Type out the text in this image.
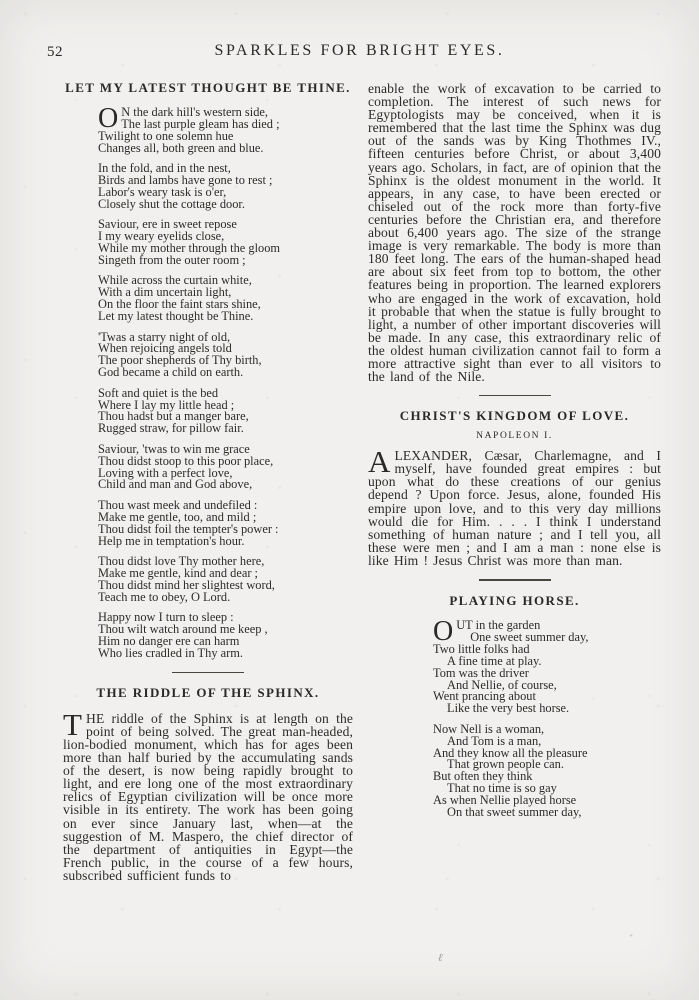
52	SPARKLES FOR BRIGHT EYES.
LET MY LATEST THOUGHT BE THINE.
O N the dark hill's western side,
The last purple gleam has died ;
Twilight to one solemn hue
Changes all, both green and blue.
In the fold, and in the nest,
Birds and lambs have gone to rest ;
Labor's weary task is o'er,
Closely shut the cottage door.
Saviour, ere in sweet repose
I my weary eyelids close,
While my mother through the gloom
Singeth from the outer room ;
While across the curtain white,
With a dim uncertain light,
On the floor the faint stars shine,
Let my latest thought be Thine.
'Twas a starry night of old,
When rejoicing angels told
The poor shepherds of Thy birth,
God became a child on earth.
Soft and quiet is the bed
Where I lay my little head ;
Thou hadst but a manger bare,
Rugged straw, for pillow fair.
Saviour, 'twas to win me grace
Thou didst stoop to this poor place,
Loving with a perfect love,
Child and man and God above,
Thou wast meek and undefiled :
Make me gentle, too, and mild ;
Thou didst foil the tempter's power :
Help me in temptation's hour.
Thou didst love Thy mother here,
Make me gentle, kind and dear ;
Thou didst mind her slightest word,
Teach me to obey, O Lord.
Happy now I turn to sleep :
Thou wilt watch around me keep ,
Him no danger ere can harm
Who lies cradled in Thy arm.
THE RIDDLE OF THE SPHINX.

THE riddle of the Sphinx is at length on the point of being solved. The great man-headed, lion-bodied monument, which has for ages been more than half buried by the accumulating sands of the desert, is now being rapidly brought to light, and ere long one of the most extraordinary relics of Egyptian civilization will be once more visible in its entirety. The work has been going on ever since January last, when—at the suggestion of M. Maspero, the chief director of the department of antiquities in Egypt—the French public, in the course of a few hours, subscribed sufficient funds to

enable the work of excavation to be carried to completion. The interest of such news for Egyptologists may be conceived, when it is remembered that the last time the Sphinx was dug out of the sands was by King Thothmes IV., fifteen centuries before Christ, or about 3,400 years ago. Scholars, in fact, are of opinion that the Sphinx is the oldest monument in the world. It appears, in any case, to have been erected or chiseled out of the rock more than forty-five centuries before the Christian era, and therefore about 6,400 years ago. The size of the strange image is very remarkable. The body is more than 180 feet long. The ears of the human-shaped head are about six feet from top to bottom, the other features being in proportion. The learned explorers who are engaged in the work of excavation, hold it probable that when the statue is fully brought to light, a number of other important discoveries will be made. In any case, this extraordinary relic of the oldest human civilization cannot fail to form a more attractive sight than ever to all visitors to the land of the Nile.

CHRIST'S KINGDOM OF LOVE.
NAPOLEON I.

ALEXANDER, Cæsar, Charlemagne, and I myself, have founded great empires : but upon what do these creations of our genius depend ? Upon force. Jesus, alone, founded His empire upon love, and to this very day millions would die for Him. . . . I think I understand something of human nature ; and I tell you, all these were men ; and I am a man : none else is like Him ! Jesus Christ was more than man.

PLAYING HORSE.
O UT in the garden
One sweet summer day,
Two little folks had
A fine time at play.
Tom was the driver
And Nellie, of course,
Went prancing about
Like the very best horse.
Now Nell is a woman,
And Tom is a man,
And they know all the pleasure
That grown people can.
But often they think
That no time is so gay
As when Nellie played horse
On that sweet summer day,
ℓ
ʺ
